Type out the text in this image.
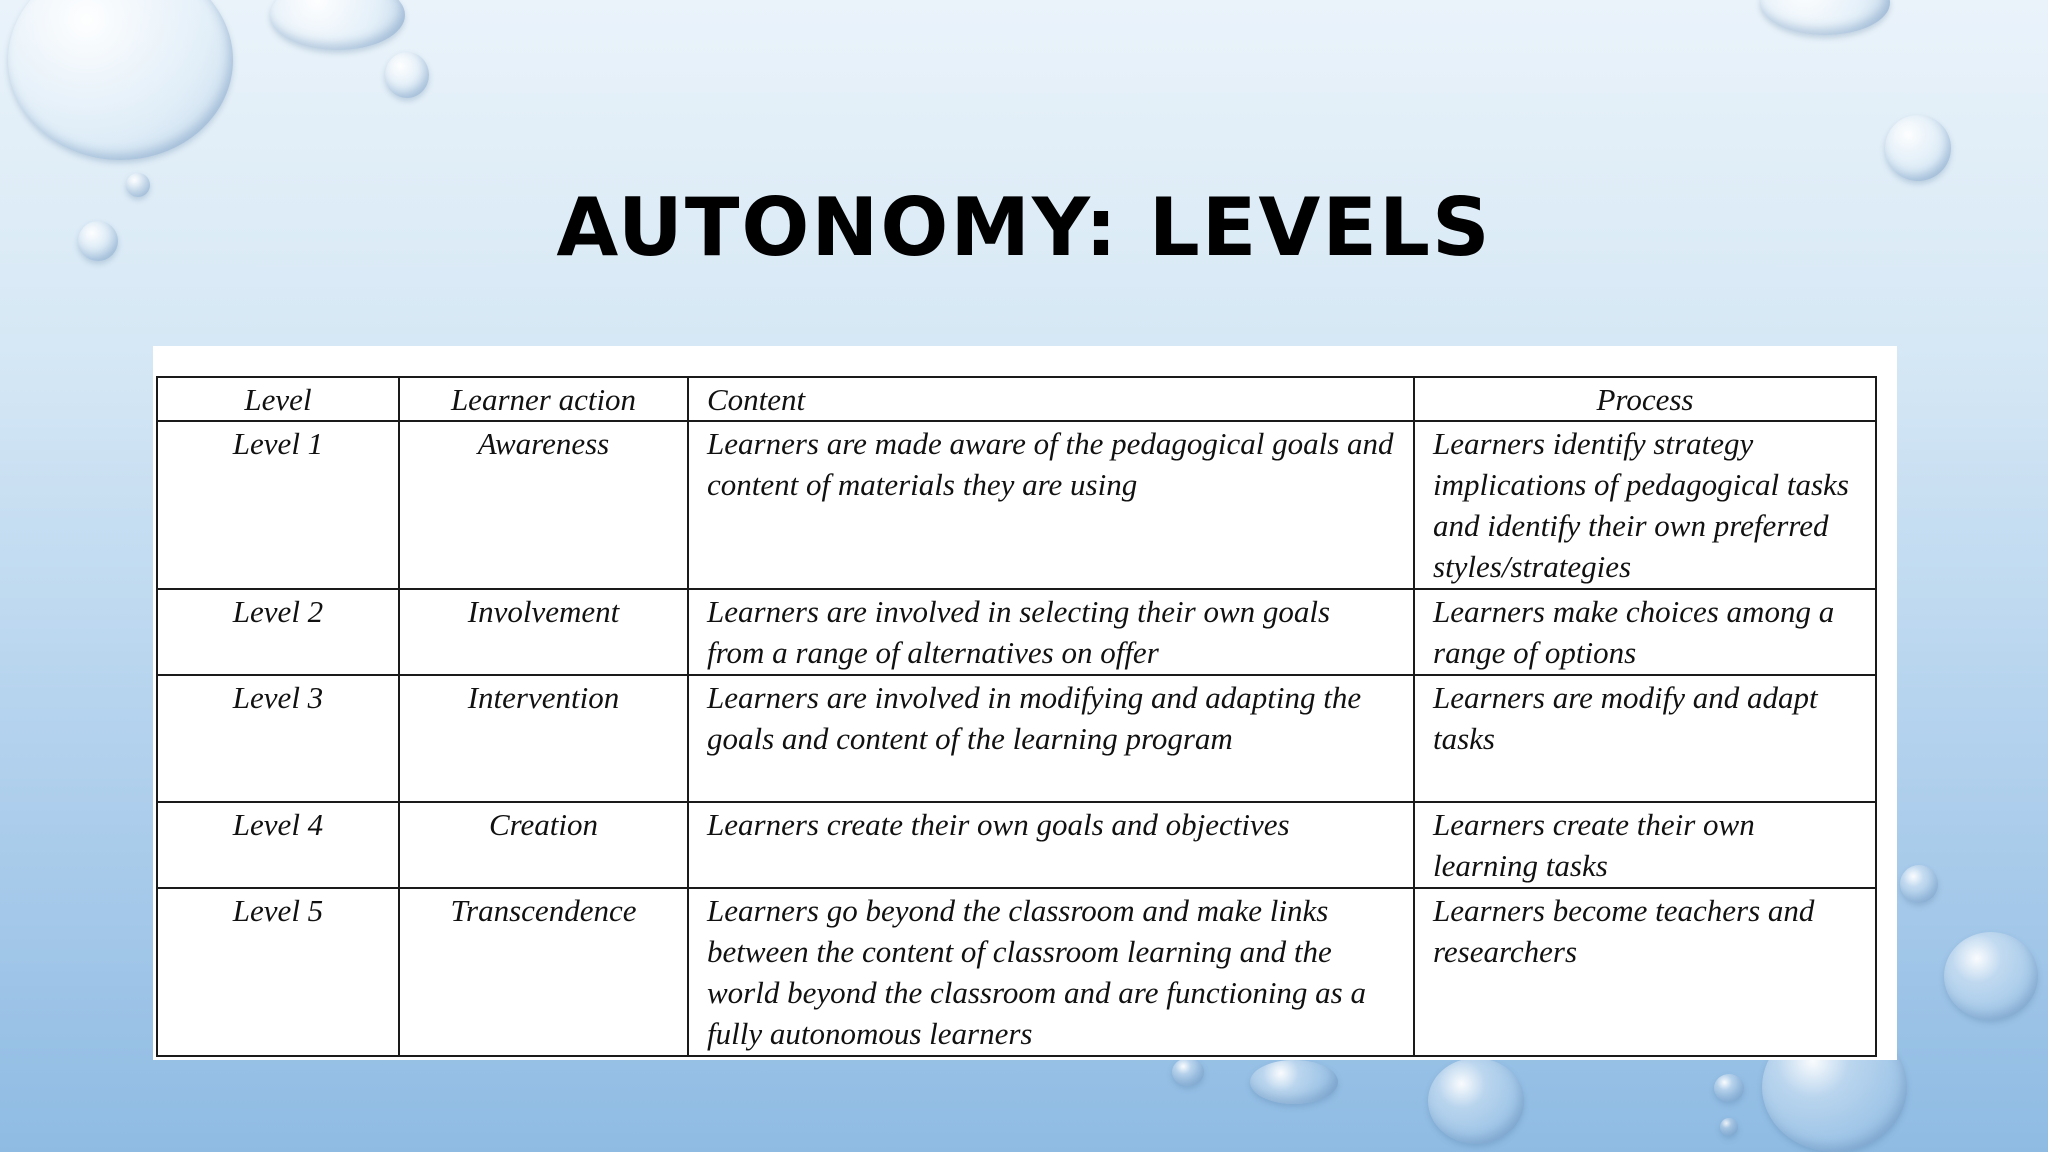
AUTONOMY: LEVELS
Level	Learner action	Content	Process
Level 1	Awareness	Learners are made aware of the pedagogical goals and content of materials they are using	Learners identify strategy implications of pedagogical tasks and identify their own preferred styles/strategies
Level 2	Involvement	Learners are involved in selecting their own goals from a range of alternatives on offer	Learners make choices among a range of options
Level 3	Intervention	Learners are involved in modifying and adapting the goals and content of the learning program	Learners are modify and adapt tasks
Level 4	Creation	Learners create their own goals and objectives	Learners create their own learning tasks
Level 5	Transcendence	Learners go beyond the classroom and make links between the content of classroom learning and the world beyond the classroom and are functioning as a fully autonomous learners	Learners become teachers and researchers
